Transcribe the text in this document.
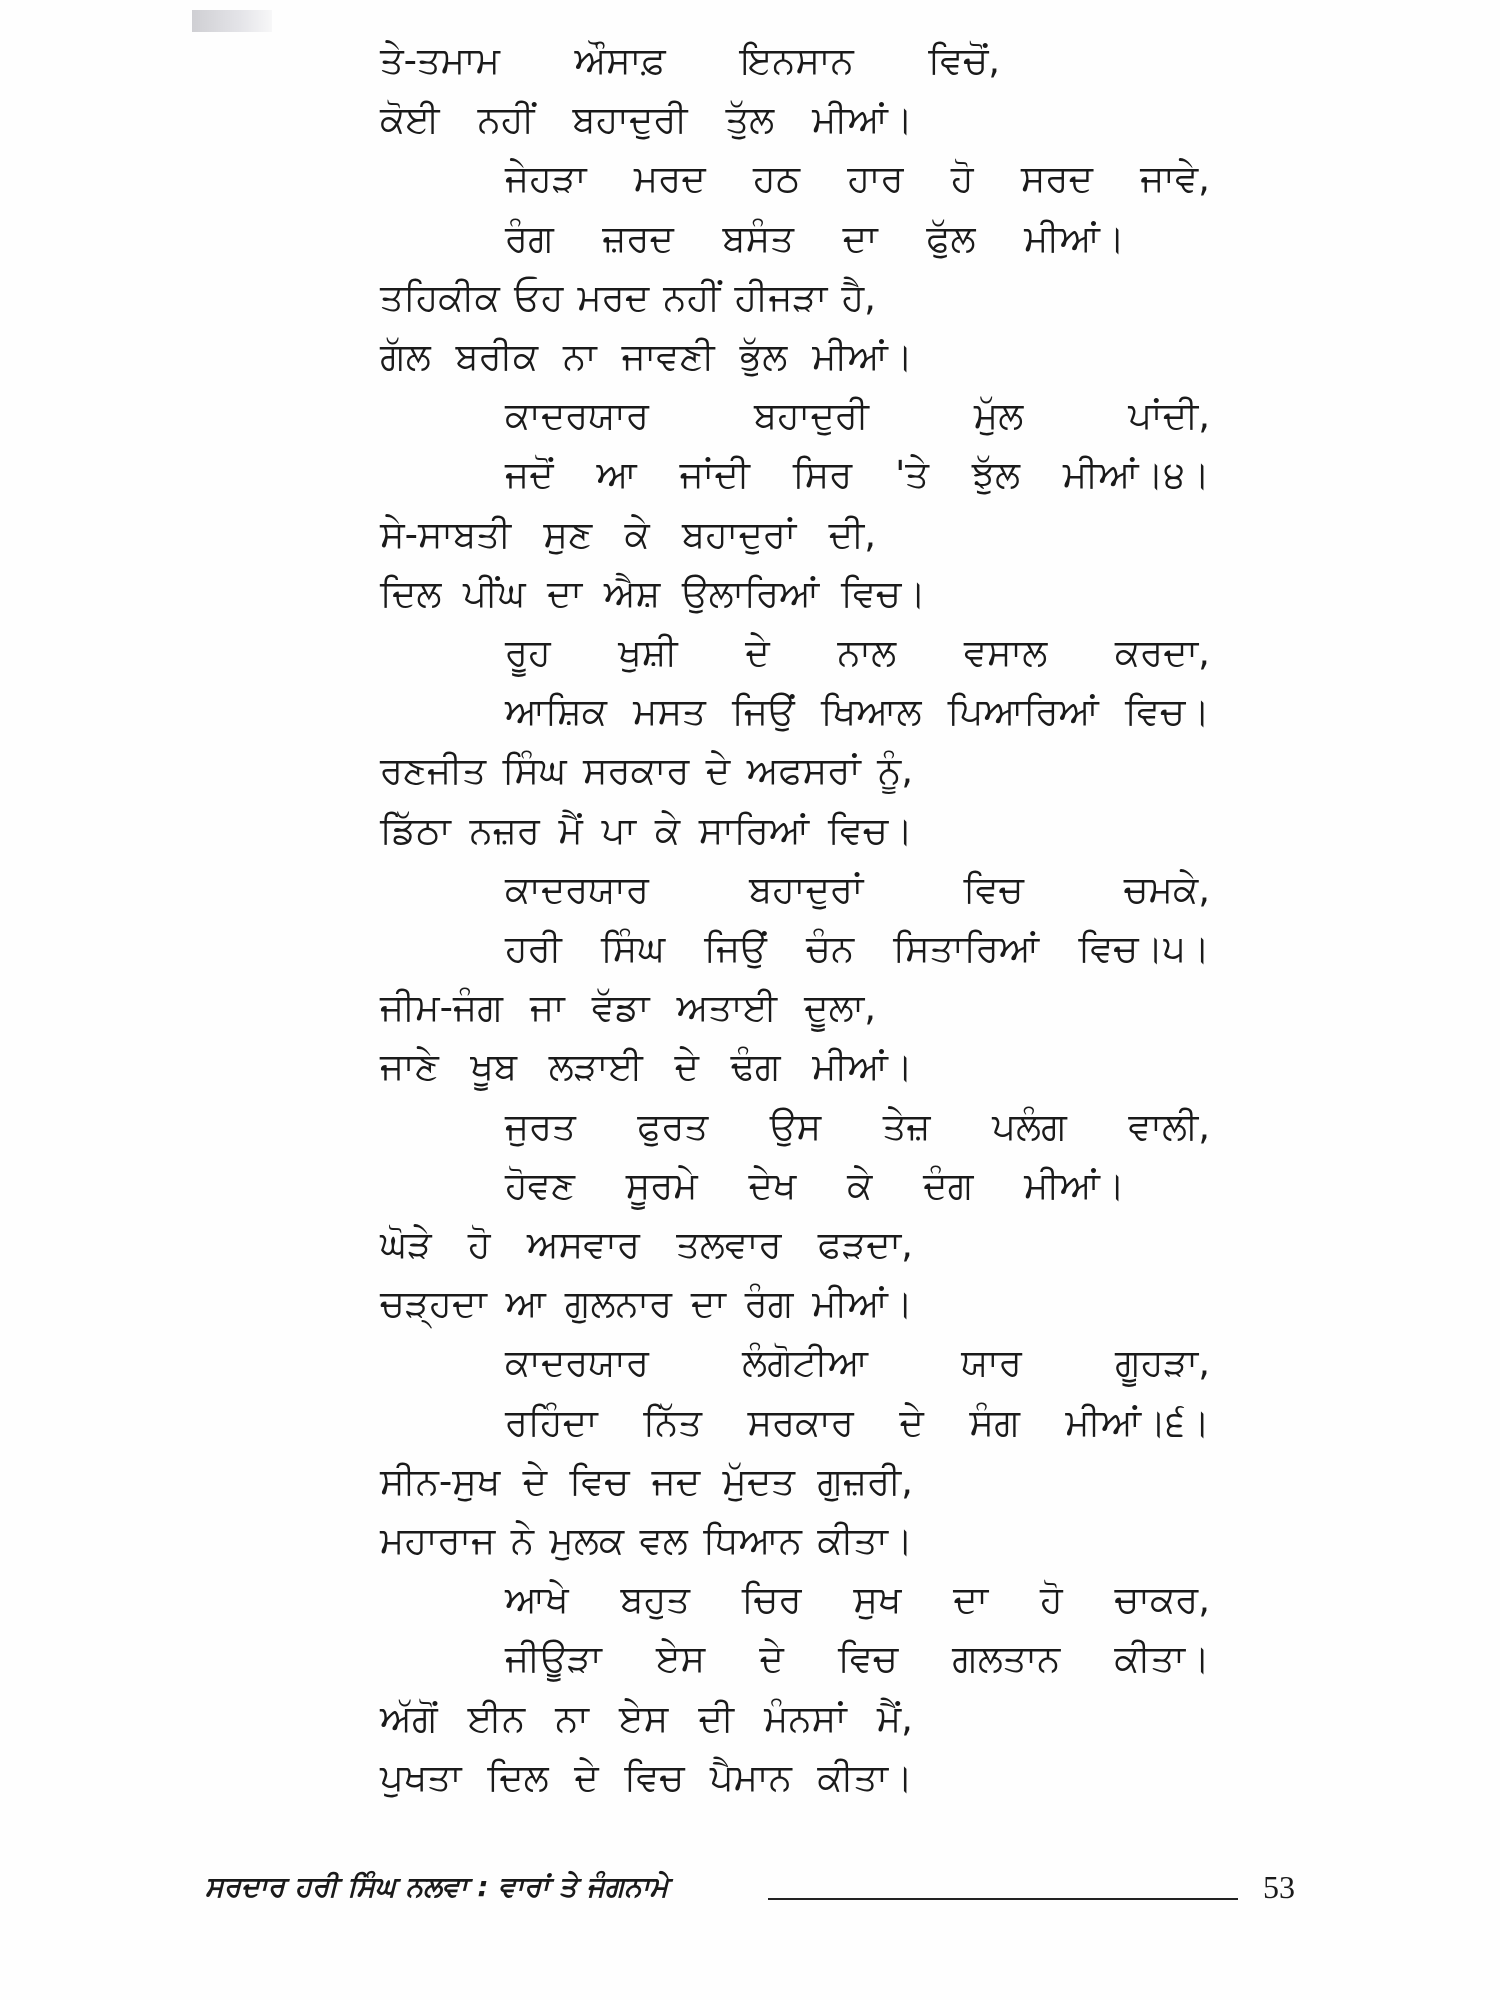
ਤੇ-ਤਮਾਮ ਔਸਾਫ਼ ਇਨਸਾਨ ਵਿਚੋਂ,
ਕੋਈ ਨਹੀਂ ਬਹਾਦੁਰੀ ਤੁੱਲ ਮੀਆਂ।
ਜੇਹੜਾ ਮਰਦ ਹਠ ਹਾਰ ਹੋ ਸਰਦ ਜਾਵੇ,
ਰੰਗ ਜ਼ਰਦ ਬਸੰਤ ਦਾ ਫੁੱਲ ਮੀਆਂ।
ਤਹਿਕੀਕ ਓਹ ਮਰਦ ਨਹੀਂ ਹੀਜੜਾ ਹੈ,
ਗੱਲ ਬਰੀਕ ਨਾ ਜਾਵਣੀ ਭੁੱਲ ਮੀਆਂ।
ਕਾਦਰਯਾਰ	ਬਹਾਦੁਰੀ	ਮੁੱਲ	ਪਾਂਦੀ,
ਜਦੋਂ ਆ ਜਾਂਦੀ ਸਿਰ 'ਤੇ ਝੁੱਲ ਮੀਆਂ।੪।
ਸੇ-ਸਾਬਤੀ ਸੁਣ ਕੇ ਬਹਾਦੁਰਾਂ ਦੀ,
ਦਿਲ ਪੀਂਘ ਦਾ ਐਸ਼ ਉਲਾਰਿਆਂ ਵਿਚ।
ਰੂਹ ਖੁਸ਼ੀ ਦੇ ਨਾਲ ਵਸਾਲ ਕਰਦਾ,
ਆਸ਼ਿਕ ਮਸਤ ਜਿਉਂ ਖਿਆਲ ਪਿਆਰਿਆਂ ਵਿਚ।
ਰਣਜੀਤ ਸਿੰਘ ਸਰਕਾਰ ਦੇ ਅਫਸਰਾਂ ਨੂੰ,
ਡਿੱਠਾ ਨਜ਼ਰ ਮੈਂ ਪਾ ਕੇ ਸਾਰਿਆਂ ਵਿਚ।
ਕਾਦਰਯਾਰ	ਬਹਾਦੁਰਾਂ	ਵਿਚ	ਚਮਕੇ,
ਹਰੀ ਸਿੰਘ ਜਿਉਂ ਚੰਨ ਸਿਤਾਰਿਆਂ ਵਿਚ।੫।
ਜੀਮ-ਜੰਗ ਜਾ ਵੱਡਾ ਅਤਾਈ ਦੂਲਾ,
ਜਾਣੇ ਖੂਬ ਲੜਾਈ ਦੇ ਢੰਗ ਮੀਆਂ।
ਜੁਰਤ ਫੁਰਤ ਉਸ ਤੇਜ਼ ਪਲੰਗ ਵਾਲੀ,
ਹੋਵਣ ਸੂਰਮੇ ਦੇਖ ਕੇ ਦੰਗ ਮੀਆਂ।
ਘੋੜੇ ਹੋ ਅਸਵਾਰ ਤਲਵਾਰ ਫੜਦਾ,
ਚੜ੍ਹਦਾ ਆ ਗੁਲਨਾਰ ਦਾ ਰੰਗ ਮੀਆਂ।
ਕਾਦਰਯਾਰ	ਲੰਗੋਟੀਆ	ਯਾਰ	ਗੂਹੜਾ,
ਰਹਿੰਦਾ ਨਿੱਤ ਸਰਕਾਰ ਦੇ ਸੰਗ ਮੀਆਂ।੬।
ਸੀਨ-ਸੁਖ ਦੇ ਵਿਚ ਜਦ ਮੁੱਦਤ ਗੁਜ਼ਰੀ,
ਮਹਾਰਾਜ ਨੇ ਮੁਲਕ ਵਲ ਧਿਆਨ ਕੀਤਾ।
ਆਖੇ ਬਹੁਤ ਚਿਰ ਸੁਖ ਦਾ ਹੋ ਚਾਕਰ,
ਜੀਊੜਾ ਏਸ ਦੇ ਵਿਚ ਗਲਤਾਨ ਕੀਤਾ।
ਅੱਗੋਂ ਈਨ ਨਾ ਏਸ ਦੀ ਮੰਨਸਾਂ ਮੈਂ,
ਪੁਖਤਾ ਦਿਲ ਦੇ ਵਿਚ ਪੈਮਾਨ ਕੀਤਾ।
ਸਰਦਾਰ ਹਰੀ ਸਿੰਘ ਨਲਵਾ : ਵਾਰਾਂ ਤੇ ਜੰਗਨਾਮੇ	53
